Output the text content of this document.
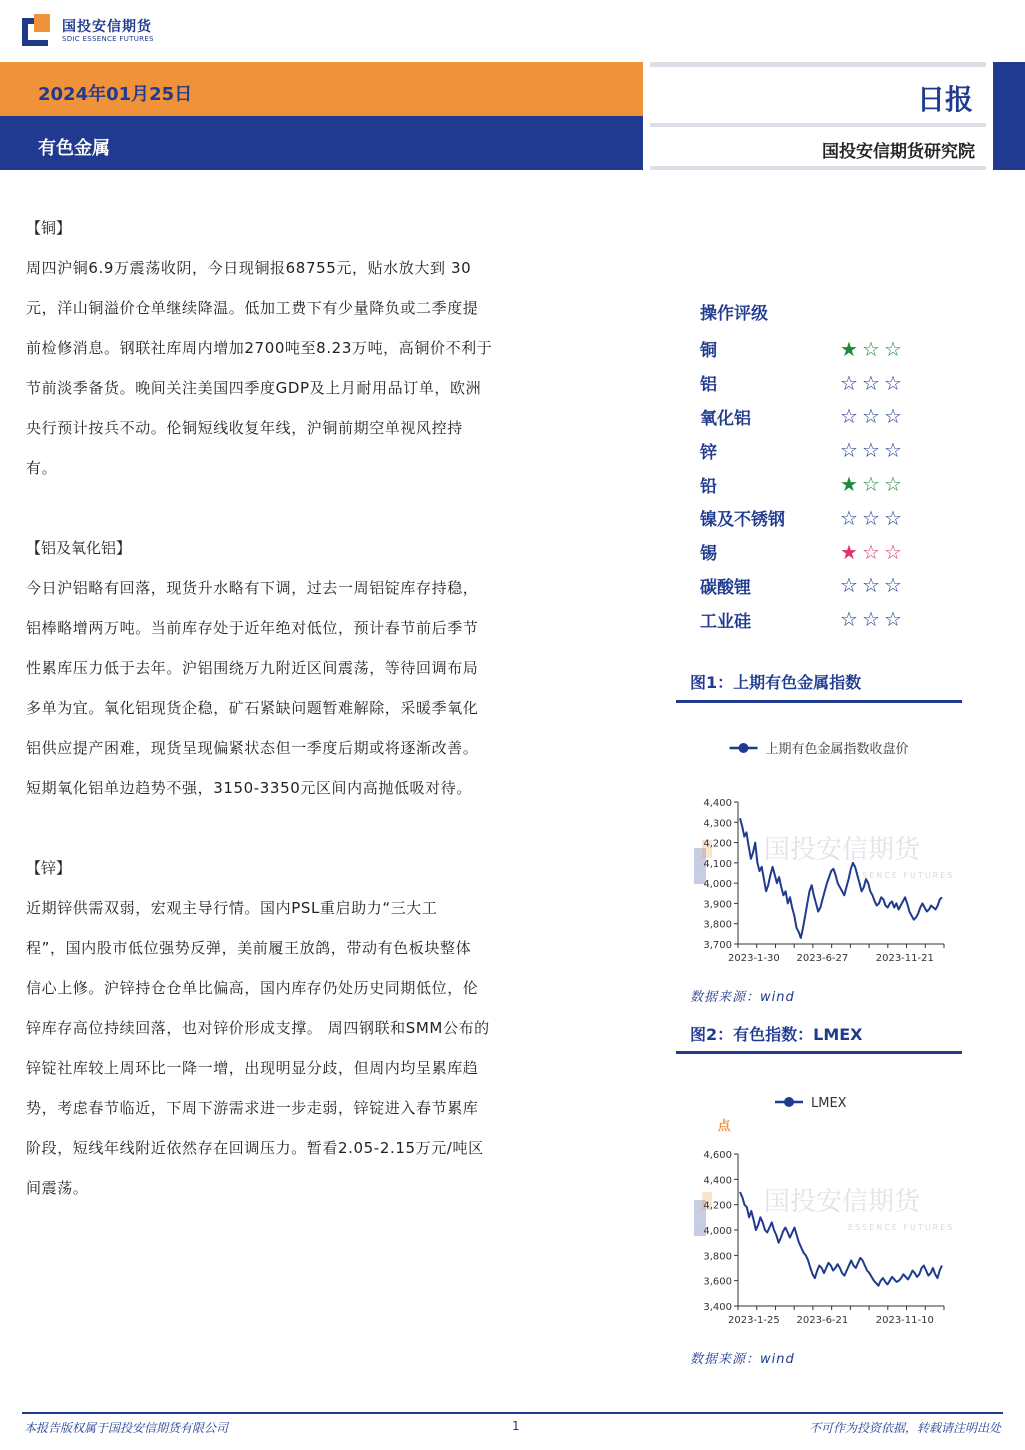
国投安信期货
SDIC ESSENCE FUTURES
2024年01月25日
有色金属
日报
国投安信期货研究院
【铜】
周四沪铜6.9万震荡收阴，今日现铜报68755元，贴水放大到 30
元，洋山铜溢价仓单继续降温。低加工费下有少量降负或二季度提
前检修消息。钢联社库周内增加2700吨至8.23万吨，高铜价不利于
节前淡季备货。晚间关注美国四季度GDP及上月耐用品订单，欧洲
央行预计按兵不动。伦铜短线收复年线，沪铜前期空单视风控持
有。
【铝及氧化铝】
今日沪铝略有回落，现货升水略有下调，过去一周铝锭库存持稳，
铝棒略增两万吨。当前库存处于近年绝对低位，预计春节前后季节
性累库压力低于去年。沪铝围绕万九附近区间震荡，等待回调布局
多单为宜。氧化铝现货企稳，矿石紧缺问题暂难解除，采暖季氧化
铝供应提产困难，现货呈现偏紧状态但一季度后期或将逐渐改善。
短期氧化铝单边趋势不强，3150-3350元区间内高抛低吸对待。
【锌】
近期锌供需双弱，宏观主导行情。国内PSL重启助力“三大工
程”，国内股市低位强势反弹，美前履王放鸽，带动有色板块整体
信心上修。沪锌持仓仓单比偏高，国内库存仍处历史同期低位，伦
锌库存高位持续回落，也对锌价形成支撑。 周四钢联和SMM公布的
锌锭社库较上周环比一降一增，出现明显分歧，但周内均呈累库趋
势，考虑春节临近，下周下游需求进一步走弱，锌锭进入春节累库
阶段，短线年线附近依然存在回调压力。暂看2.05-2.15万元/吨区
间震荡。
操作评级
铜	★ ☆ ☆
铝	☆ ☆ ☆
氧化铝	☆ ☆ ☆
锌	☆ ☆ ☆
铅	★ ☆ ☆
镍及不锈钢	☆ ☆ ☆
锡	★ ☆ ☆
碳酸锂	☆ ☆ ☆
工业硅	☆ ☆ ☆
图1：上期有色金属指数
上期有色金属指数收盘价
国投安信期货
ESSENCE FUTURES
3,700
3,800
3,900
4,000
4,100
4,200
4,300
4,400
2023-1-30 2023-6-27	2023-11-21
数据来源：wind
图2：有色指数：LMEX
LMEX
点
国投安信期货
ESSENCE FUTURES
3,400
3,600
3,800
4,000
4,200
4,400
4,600
2023-1-25 2023-6-21	2023-11-10
数据来源：wind
本报告版权属于国投安信期货有限公司	1	不可作为投资依据，转载请注明出处
